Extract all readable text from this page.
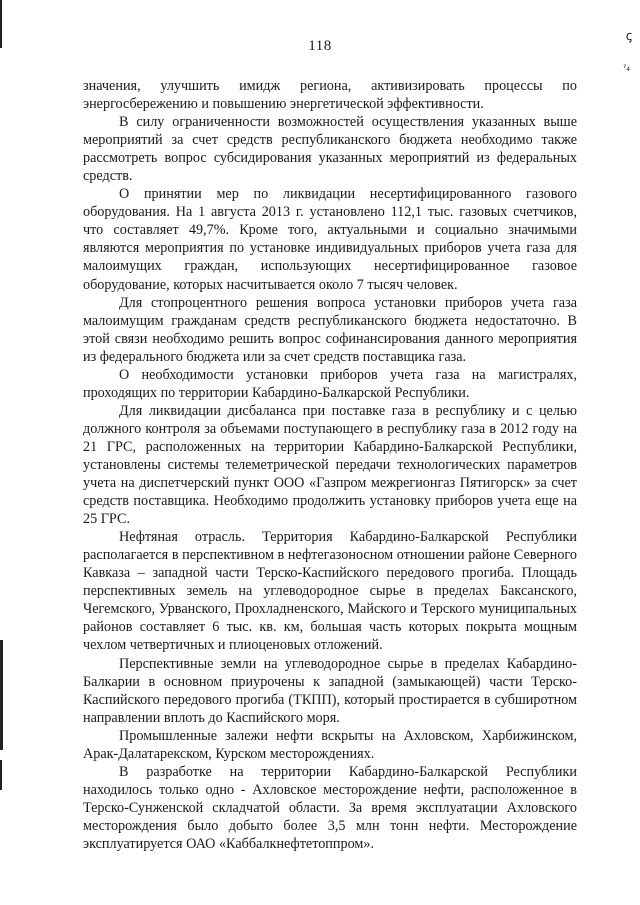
ꞔ
ˀ₄
118

значения, улучшить имидж региона, активизировать процессы по энергосбережению и повышению энергетической эффективности.

В силу ограниченности возможностей осуществления указанных выше мероприятий за счет средств республиканского бюджета необходимо также рассмотреть вопрос субсидирования указанных мероприятий из федеральных средств.

О принятии мер по ликвидации несертифицированного газового оборудования. На 1 августа 2013 г. установлено 112,1 тыс. газовых счетчиков, что составляет 49,7%. Кроме того, актуальными и социально значимыми являются мероприятия по установке индивидуальных приборов учета газа для малоимущих граждан, использующих несертифицированное газовое оборудование, которых насчитывается около 7 тысяч человек.

Для стопроцентного решения вопроса установки приборов учета газа малоимущим гражданам средств республиканского бюджета недостаточно. В этой связи необходимо решить вопрос софинансирования данного мероприятия из федерального бюджета или за счет средств поставщика газа.

О необходимости установки приборов учета газа на магистралях, проходящих по территории Кабардино-Балкарской Республики.

Для ликвидации дисбаланса при поставке газа в республику и с целью должного контроля за объемами поступающего в республику газа в 2012 году на 21 ГРС, расположенных на территории Кабардино-Балкарской Республики, установлены системы телеметрической передачи технологических параметров учета на диспетчерский пункт ООО «Газпром межрегионгаз Пятигорск» за счет средств поставщика. Необходимо продолжить установку приборов учета еще на 25 ГРС.

Нефтяная отрасль. Территория Кабардино-Балкарской Республики располагается в перспективном в нефтегазоносном отношении районе Северного Кавказа – западной части Терско-Каспийского передового прогиба. Площадь перспективных земель на углеводородное сырье в пределах Баксанского, Чегемского, Урванского, Прохладненского, Майского и Терского муниципальных районов составляет 6 тыс. кв. км, большая часть которых покрыта мощным чехлом четвертичных и плиоценовых отложений.

Перспективные земли на углеводородное сырье в пределах Кабардино-Балкарии в основном приурочены к западной (замыкающей) части Терско-Каспийского передового прогиба (ТКПП), который простирается в субширотном направлении вплоть до Каспийского моря.

Промышленные залежи нефти вскрыты на Ахловском, Харбижинском, Арак-Далатарекском, Курском месторождениях.

В разработке на территории Кабардино-Балкарской Республики находилось только одно - Ахловское месторождение нефти, расположенное в Терско-Сунженской складчатой области. За время эксплуатации Ахловского месторождения было добыто более 3,5 млн тонн нефти. Месторождение эксплуатируется ОАО «Каббалкнефтетоппром».
